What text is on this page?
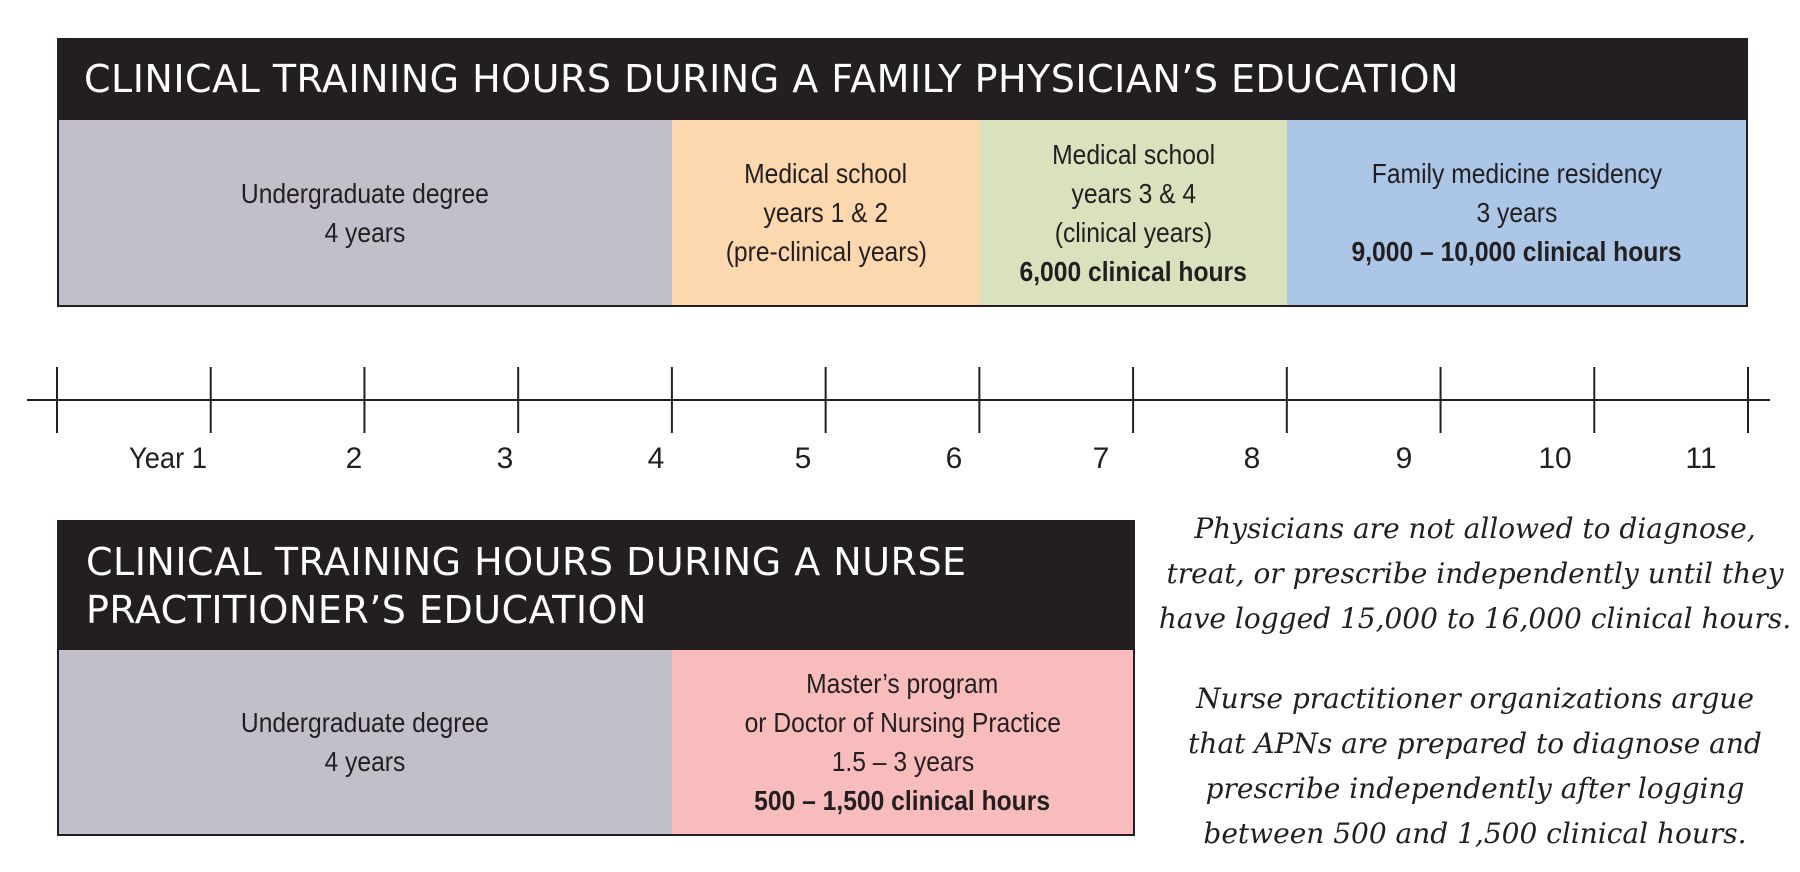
CLINICAL TRAINING HOURS DURING A FAMILY PHYSICIAN’S EDUCATION
Undergraduate degree
4 years
Medical school
years 1 & 2
(pre-clinical years)
Medical school
years 3 & 4
(clinical years)
6,000 clinical hours
Family medicine residency
3 years
9,000 – 10,000 clinical hours
Year 1	2	3	4	5	6	7	8	9	10	11
CLINICAL TRAINING HOURS DURING A NURSE
PRACTITIONER’S EDUCATION
Undergraduate degree
4 years
Master’s program
or Doctor of Nursing Practice
1.5 – 3 years
500 – 1,500 clinical hours
Physicians are not allowed to diagnose,
treat, or prescribe independently until they
have logged 15,000 to 16,000 clinical hours.
Nurse practitioner organizations argue
that APNs are prepared to diagnose and
prescribe independently after logging
between 500 and 1,500 clinical hours.
